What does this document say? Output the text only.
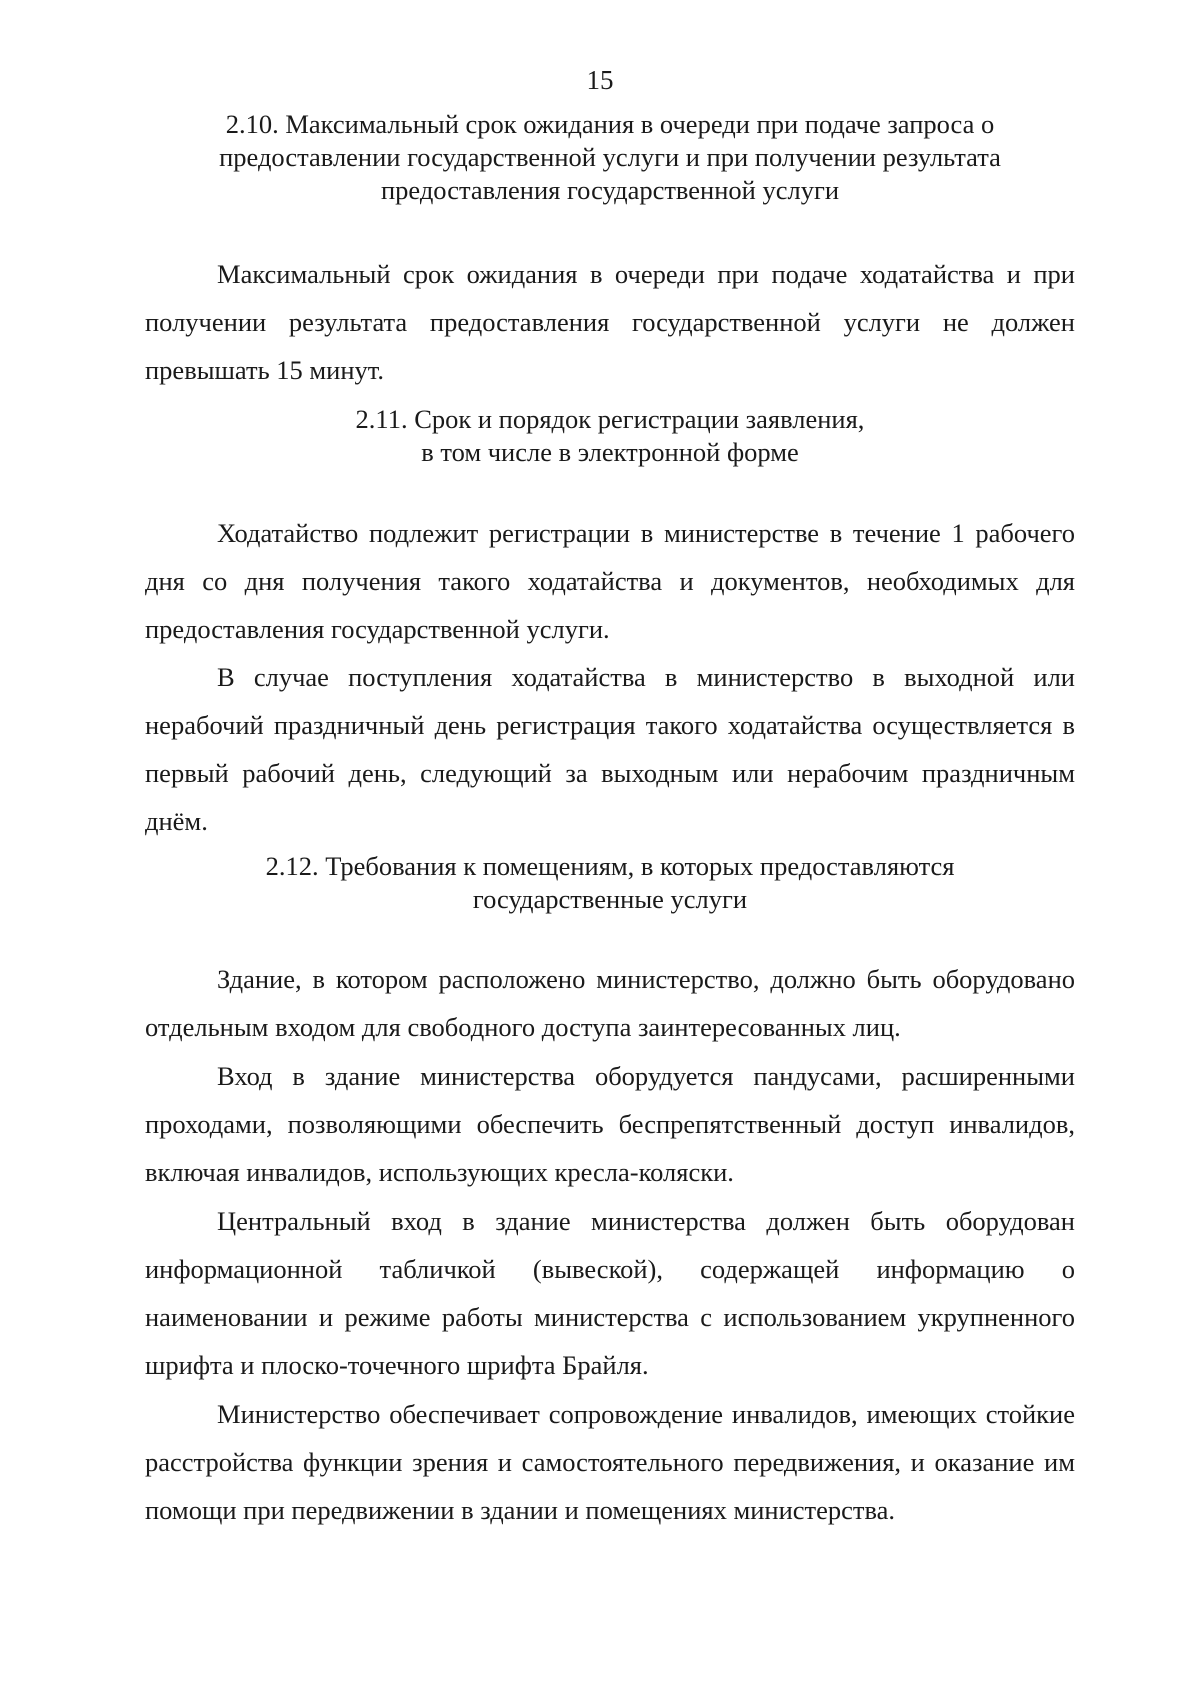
15
2.10. Максимальный срок ожидания в очереди при подаче запроса о
предоставлении государственной услуги и при получении результата
предоставления государственной услуги

Максимальный срок ожидания в очереди при подаче ходатайства и при получении результата предоставления государственной услуги не должен превышать 15 минут.

2.11. Срок и порядок регистрации заявления,
в том числе в электронной форме

Ходатайство подлежит регистрации в министерстве в течение 1 рабочего дня со дня получения такого ходатайства и документов, необходимых для предоставления государственной услуги.

В случае поступления ходатайства в министерство в выходной или нерабочий праздничный день регистрация такого ходатайства осуществляется в первый рабочий день, следующий за выходным или нерабочим праздничным днём.

2.12. Требования к помещениям, в которых предоставляются
государственные услуги

Здание, в котором расположено министерство, должно быть оборудовано отдельным входом для свободного доступа заинтересованных лиц.

Вход в здание министерства оборудуется пандусами, расширенными проходами, позволяющими обеспечить беспрепятственный доступ инвалидов, включая инвалидов, использующих кресла-коляски.

Центральный вход в здание министерства должен быть оборудован информационной табличкой (вывеской), содержащей информацию о наименовании и режиме работы министерства с использованием укрупненного шрифта и плоско-точечного шрифта Брайля.

Министерство обеспечивает сопровождение инвалидов, имеющих стойкие расстройства функции зрения и самостоятельного передвижения, и оказание им помощи при передвижении в здании и помещениях министерства.
